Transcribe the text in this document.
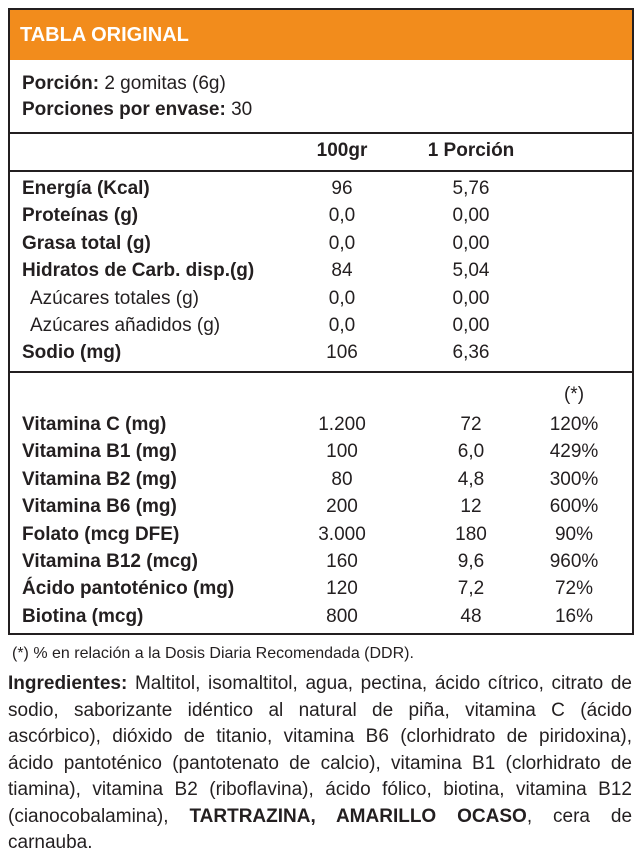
TABLA ORIGINAL
Porción: 2 gomitas (6g)
Porciones por envase: 30
100gr	1 Porción
Energía (Kcal)	96	5,76
Proteínas (g)	0,0	0,00
Grasa total (g)	0,0	0,00
Hidratos de Carb. disp.(g)	84	5,04
Azúcares totales (g)	0,0	0,00
Azúcares añadidos (g)	0,0	0,00
Sodio (mg)	106	6,36
(*)
Vitamina C (mg)	1.200	72	120%
Vitamina B1 (mg)	100	6,0	429%
Vitamina B2 (mg)	80	4,8	300%
Vitamina B6 (mg)	200	12	600%
Folato (mcg DFE)	3.000	180	90%
Vitamina B12 (mcg)	160	9,6	960%
Ácido pantoténico (mg)	120	7,2	72%
Biotina (mcg)	800	48	16%
(*) % en relación a la Dosis Diaria Recomendada (DDR).
Ingredientes: Maltitol, isomaltitol, agua, pectina, ácido cítrico, citrato de sodio, saborizante idéntico al natural de piña, vitamina C (ácido ascórbico), dióxido de titanio, vitamina B6 (clorhidrato de piridoxina), ácido pantoténico (pantotenato de calcio), vitamina B1 (clorhidrato de tiamina), vitamina B2 (riboflavina), ácido fólico, biotina, vitamina B12 (cianocobalamina), TARTRAZINA, AMARILLO OCASO, cera de carnauba.
